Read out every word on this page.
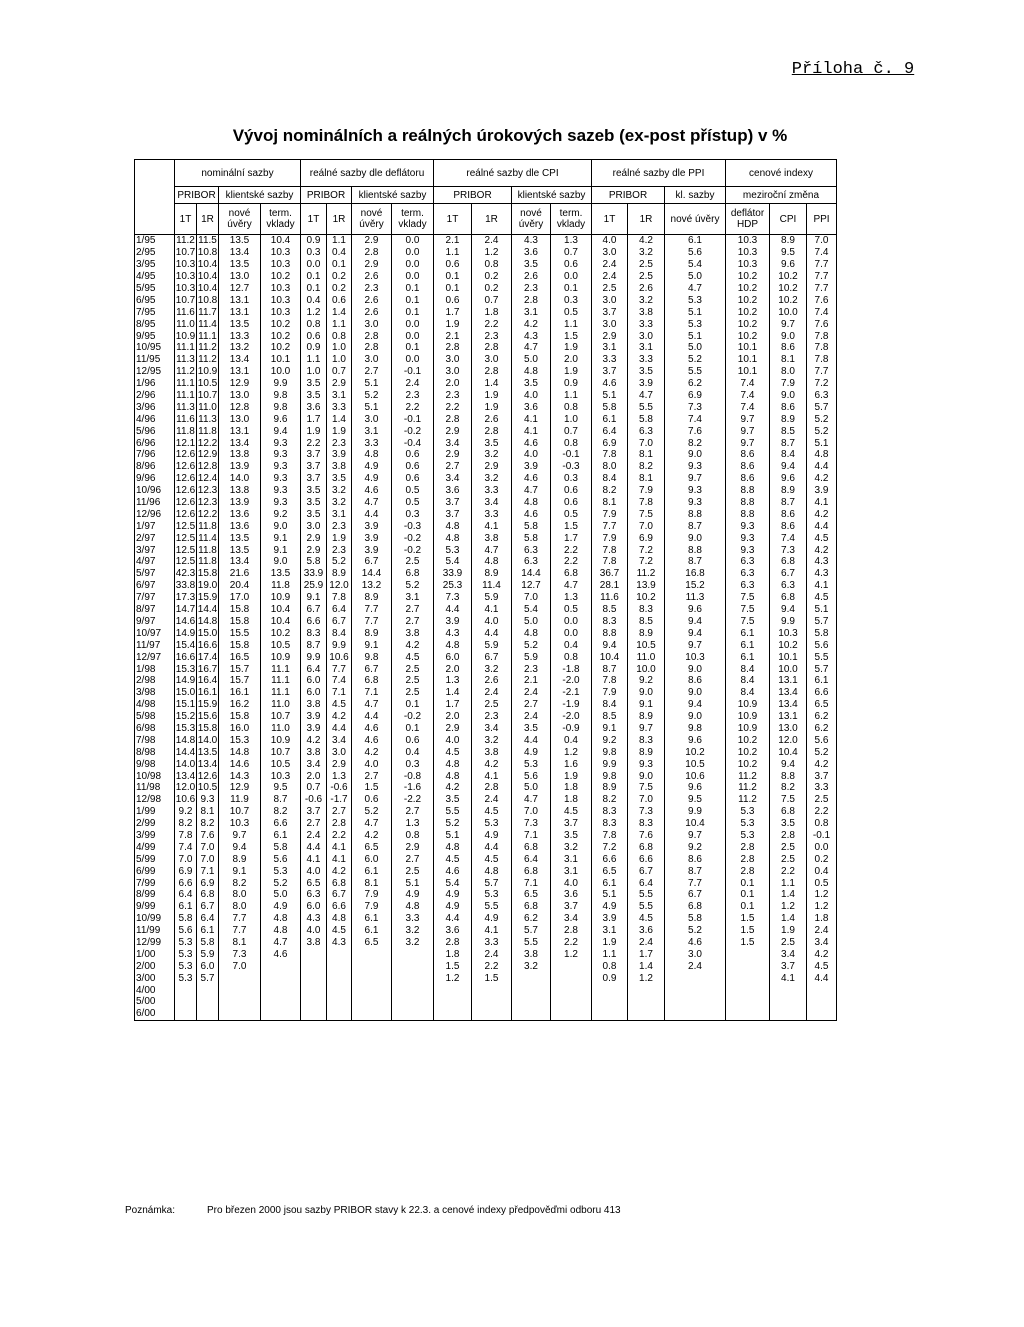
Příloha č. 9
Vývoj nominálních a reálných úrokových sazeb (ex-post přístup) v %
	nominální sazby				reálné sazby dle deflátoru				reálné sazby dle CPI				reálné sazby dle PPI			cenové indexy		
	PRIBOR		klientské sazby		PRIBOR		klientské sazby		PRIBOR		klientské sazby		PRIBOR		kl. sazby	meziroční změna		
	1T	1R	nové úvěry	term. vklady	1T	1R	nové úvěry	term. vklady	1T	1R	nové úvěry	term. vklady	1T	1R	nové úvěry	deflátor HDP	CPI	PPI
1/95	11.2	11.5	13.5	10.4	0.9	1.1	2.9	0.0	2.1	2.4	4.3	1.3	4.0	4.2	6.1	10.3	8.9	7.0
2/95	10.7	10.8	13.4	10.3	0.3	0.4	2.8	0.0	1.1	1.2	3.6	0.7	3.0	3.2	5.6	10.3	9.5	7.4
3/95	10.3	10.4	13.5	10.3	0.0	0.1	2.9	0.0	0.6	0.8	3.5	0.6	2.4	2.5	5.4	10.3	9.6	7.7
4/95	10.3	10.4	13.0	10.2	0.1	0.2	2.6	0.0	0.1	0.2	2.6	0.0	2.4	2.5	5.0	10.2	10.2	7.7
5/95	10.3	10.4	12.7	10.3	0.1	0.2	2.3	0.1	0.1	0.2	2.3	0.1	2.5	2.6	4.7	10.2	10.2	7.7
6/95	10.7	10.8	13.1	10.3	0.4	0.6	2.6	0.1	0.6	0.7	2.8	0.3	3.0	3.2	5.3	10.2	10.2	7.6
7/95	11.6	11.7	13.1	10.3	1.2	1.4	2.6	0.1	1.7	1.8	3.1	0.5	3.7	3.8	5.1	10.2	10.0	7.4
8/95	11.0	11.4	13.5	10.2	0.8	1.1	3.0	0.0	1.9	2.2	4.2	1.1	3.0	3.3	5.3	10.2	9.7	7.6
9/95	10.9	11.1	13.3	10.2	0.6	0.8	2.8	0.0	2.1	2.3	4.3	1.5	2.9	3.0	5.1	10.2	9.0	7.8
10/95	11.1	11.2	13.2	10.2	0.9	1.0	2.8	0.1	2.8	2.8	4.7	1.9	3.1	3.1	5.0	10.1	8.6	7.8
11/95	11.3	11.2	13.4	10.1	1.1	1.0	3.0	0.0	3.0	3.0	5.0	2.0	3.3	3.3	5.2	10.1	8.1	7.8
12/95	11.2	10.9	13.1	10.0	1.0	0.7	2.7	-0.1	3.0	2.8	4.8	1.9	3.7	3.5	5.5	10.1	8.0	7.7
1/96	11.1	10.5	12.9	9.9	3.5	2.9	5.1	2.4	2.0	1.4	3.5	0.9	4.6	3.9	6.2	7.4	7.9	7.2
2/96	11.1	10.7	13.0	9.8	3.5	3.1	5.2	2.3	2.3	1.9	4.0	1.1	5.1	4.7	6.9	7.4	9.0	6.3
3/96	11.3	11.0	12.8	9.8	3.6	3.3	5.1	2.2	2.2	1.9	3.6	0.8	5.8	5.5	7.3	7.4	8.6	5.7
4/96	11.6	11.3	13.0	9.6	1.7	1.4	3.0	-0.1	2.8	2.6	4.1	1.0	6.1	5.8	7.4	9.7	8.9	5.2
5/96	11.8	11.8	13.1	9.4	1.9	1.9	3.1	-0.2	2.9	2.8	4.1	0.7	6.4	6.3	7.6	9.7	8.5	5.2
6/96	12.1	12.2	13.4	9.3	2.2	2.3	3.3	-0.4	3.4	3.5	4.6	0.8	6.9	7.0	8.2	9.7	8.7	5.1
7/96	12.6	12.9	13.8	9.3	3.7	3.9	4.8	0.6	2.9	3.2	4.0	-0.1	7.8	8.1	9.0	8.6	8.4	4.8
8/96	12.6	12.8	13.9	9.3	3.7	3.8	4.9	0.6	2.7	2.9	3.9	-0.3	8.0	8.2	9.3	8.6	9.4	4.4
9/96	12.6	12.4	14.0	9.3	3.7	3.5	4.9	0.6	3.4	3.2	4.6	0.3	8.4	8.1	9.7	8.6	9.6	4.2
10/96	12.6	12.3	13.8	9.3	3.5	3.2	4.6	0.5	3.6	3.3	4.7	0.6	8.2	7.9	9.3	8.8	8.9	3.9
11/96	12.6	12.3	13.9	9.3	3.5	3.2	4.7	0.5	3.7	3.4	4.8	0.6	8.1	7.8	9.3	8.8	8.7	4.1
12/96	12.6	12.2	13.6	9.2	3.5	3.1	4.4	0.3	3.7	3.3	4.6	0.5	7.9	7.5	8.8	8.8	8.6	4.2
1/97	12.5	11.8	13.6	9.0	3.0	2.3	3.9	-0.3	4.8	4.1	5.8	1.5	7.7	7.0	8.7	9.3	8.6	4.4
2/97	12.5	11.4	13.5	9.1	2.9	1.9	3.9	-0.2	4.8	3.8	5.8	1.7	7.9	6.9	9.0	9.3	7.4	4.5
3/97	12.5	11.8	13.5	9.1	2.9	2.3	3.9	-0.2	5.3	4.7	6.3	2.2	7.8	7.2	8.8	9.3	7.3	4.2
4/97	12.5	11.8	13.4	9.0	5.8	5.2	6.7	2.5	5.4	4.8	6.3	2.2	7.8	7.2	8.7	6.3	6.8	4.3
5/97	42.3	15.8	21.6	13.5	33.9	8.9	14.4	6.8	33.9	8.9	14.4	6.8	36.7	11.2	16.8	6.3	6.7	4.3
6/97	33.8	19.0	20.4	11.8	25.9	12.0	13.2	5.2	25.3	11.4	12.7	4.7	28.1	13.9	15.2	6.3	6.3	4.1
7/97	17.3	15.9	17.0	10.9	9.1	7.8	8.9	3.1	7.3	5.9	7.0	1.3	11.6	10.2	11.3	7.5	6.8	4.5
8/97	14.7	14.4	15.8	10.4	6.7	6.4	7.7	2.7	4.4	4.1	5.4	0.5	8.5	8.3	9.6	7.5	9.4	5.1
9/97	14.6	14.8	15.8	10.4	6.6	6.7	7.7	2.7	3.9	4.0	5.0	0.0	8.3	8.5	9.4	7.5	9.9	5.7
10/97	14.9	15.0	15.5	10.2	8.3	8.4	8.9	3.8	4.3	4.4	4.8	0.0	8.8	8.9	9.4	6.1	10.3	5.8
11/97	15.4	16.6	15.8	10.5	8.7	9.9	9.1	4.2	4.8	5.9	5.2	0.4	9.4	10.5	9.7	6.1	10.2	5.6
12/97	16.6	17.4	16.5	10.9	9.9	10.6	9.8	4.5	6.0	6.7	5.9	0.8	10.4	11.0	10.3	6.1	10.1	5.5
1/98	15.3	16.7	15.7	11.1	6.4	7.7	6.7	2.5	2.0	3.2	2.3	-1.8	8.7	10.0	9.0	8.4	10.0	5.7
2/98	14.9	16.4	15.7	11.1	6.0	7.4	6.8	2.5	1.3	2.6	2.1	-2.0	7.8	9.2	8.6	8.4	13.1	6.1
3/98	15.0	16.1	16.1	11.1	6.0	7.1	7.1	2.5	1.4	2.4	2.4	-2.1	7.9	9.0	9.0	8.4	13.4	6.6
4/98	15.1	15.9	16.2	11.0	3.8	4.5	4.7	0.1	1.7	2.5	2.7	-1.9	8.4	9.1	9.4	10.9	13.4	6.5
5/98	15.2	15.6	15.8	10.7	3.9	4.2	4.4	-0.2	2.0	2.3	2.4	-2.0	8.5	8.9	9.0	10.9	13.1	6.2
6/98	15.3	15.8	16.0	11.0	3.9	4.4	4.6	0.1	2.9	3.4	3.5	-0.9	9.1	9.7	9.8	10.9	13.0	6.2
7/98	14.8	14.0	15.3	10.9	4.2	3.4	4.6	0.6	4.0	3.2	4.4	0.4	9.2	8.3	9.6	10.2	12.0	5.6
8/98	14.4	13.5	14.8	10.7	3.8	3.0	4.2	0.4	4.5	3.8	4.9	1.2	9.8	8.9	10.2	10.2	10.4	5.2
9/98	14.0	13.4	14.6	10.5	3.4	2.9	4.0	0.3	4.8	4.2	5.3	1.6	9.9	9.3	10.5	10.2	9.4	4.2
10/98	13.4	12.6	14.3	10.3	2.0	1.3	2.7	-0.8	4.8	4.1	5.6	1.9	9.8	9.0	10.6	11.2	8.8	3.7
11/98	12.0	10.5	12.9	9.5	0.7	-0.6	1.5	-1.6	4.2	2.8	5.0	1.8	8.9	7.5	9.6	11.2	8.2	3.3
12/98	10.6	9.3	11.9	8.7	-0.6	-1.7	0.6	-2.2	3.5	2.4	4.7	1.8	8.2	7.0	9.5	11.2	7.5	2.5
1/99	9.2	8.1	10.7	8.2	3.7	2.7	5.2	2.7	5.5	4.5	7.0	4.5	8.3	7.3	9.9	5.3	6.8	2.2
2/99	8.2	8.2	10.3	6.6	2.7	2.8	4.7	1.3	5.2	5.3	7.3	3.7	8.3	8.3	10.4	5.3	3.5	0.8
3/99	7.8	7.6	9.7	6.1	2.4	2.2	4.2	0.8	5.1	4.9	7.1	3.5	7.8	7.6	9.7	5.3	2.8	-0.1
4/99	7.4	7.0	9.4	5.8	4.4	4.1	6.5	2.9	4.8	4.4	6.8	3.2	7.2	6.8	9.2	2.8	2.5	0.0
5/99	7.0	7.0	8.9	5.6	4.1	4.1	6.0	2.7	4.5	4.5	6.4	3.1	6.6	6.6	8.6	2.8	2.5	0.2
6/99	6.9	7.1	9.1	5.3	4.0	4.2	6.1	2.5	4.6	4.8	6.8	3.1	6.5	6.7	8.7	2.8	2.2	0.4
7/99	6.6	6.9	8.2	5.2	6.5	6.8	8.1	5.1	5.4	5.7	7.1	4.0	6.1	6.4	7.7	0.1	1.1	0.5
8/99	6.4	6.8	8.0	5.0	6.3	6.7	7.9	4.9	4.9	5.3	6.5	3.6	5.1	5.5	6.7	0.1	1.4	1.2
9/99	6.1	6.7	8.0	4.9	6.0	6.6	7.9	4.8	4.9	5.5	6.8	3.7	4.9	5.5	6.8	0.1	1.2	1.2
10/99	5.8	6.4	7.7	4.8	4.3	4.8	6.1	3.3	4.4	4.9	6.2	3.4	3.9	4.5	5.8	1.5	1.4	1.8
11/99	5.6	6.1	7.7	4.8	4.0	4.5	6.1	3.2	3.6	4.1	5.7	2.8	3.1	3.6	5.2	1.5	1.9	2.4
12/99	5.3	5.8	8.1	4.7	3.8	4.3	6.5	3.2	2.8	3.3	5.5	2.2	1.9	2.4	4.6	1.5	2.5	3.4
1/00	5.3	5.9	7.3	4.6					1.8	2.4	3.8	1.2	1.1	1.7	3.0		3.4	4.2
2/00	5.3	6.0	7.0						1.5	2.2	3.2		0.8	1.4	2.4		3.7	4.5
3/00	5.3	5.7							1.2	1.5			0.9	1.2			4.1	4.4
4/00																		
5/00																		
6/00																		
Poznámka:	Pro březen 2000 jsou sazby PRIBOR stavy k 22.3. a cenové indexy předpověďmi odboru 413
